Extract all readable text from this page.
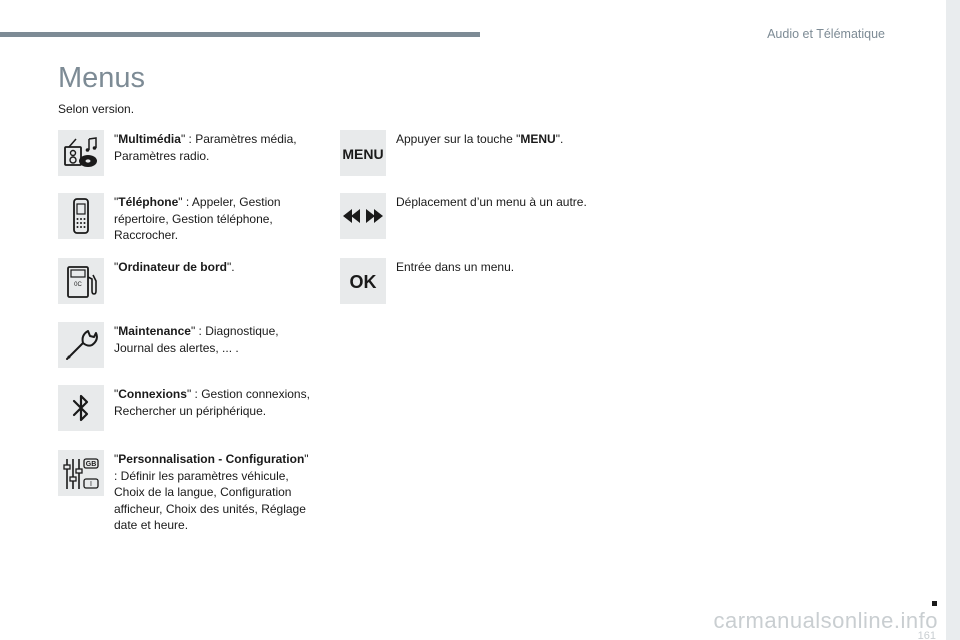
Audio et Télématique
Menus
Selon version.
"Multimédia" : Paramètres média, Paramètres radio.
"Téléphone" : Appeler, Gestion répertoire, Gestion téléphone, Raccrocher.
0C
"Ordinateur de bord".
"Maintenance" : Diagnostique, Journal des alertes, ... .
"Connexions" : Gestion connexions, Rechercher un périphérique.
GB
I
"Personnalisation - Configuration" : Définir les paramètres véhicule, Choix de la langue, Configuration afficheur, Choix des unités, Réglage date et heure.
MENU
Appuyer sur la touche "MENU".
Déplacement d’un menu à un autre.
OK
Entrée dans un menu.
carmanualsonline.info
161
